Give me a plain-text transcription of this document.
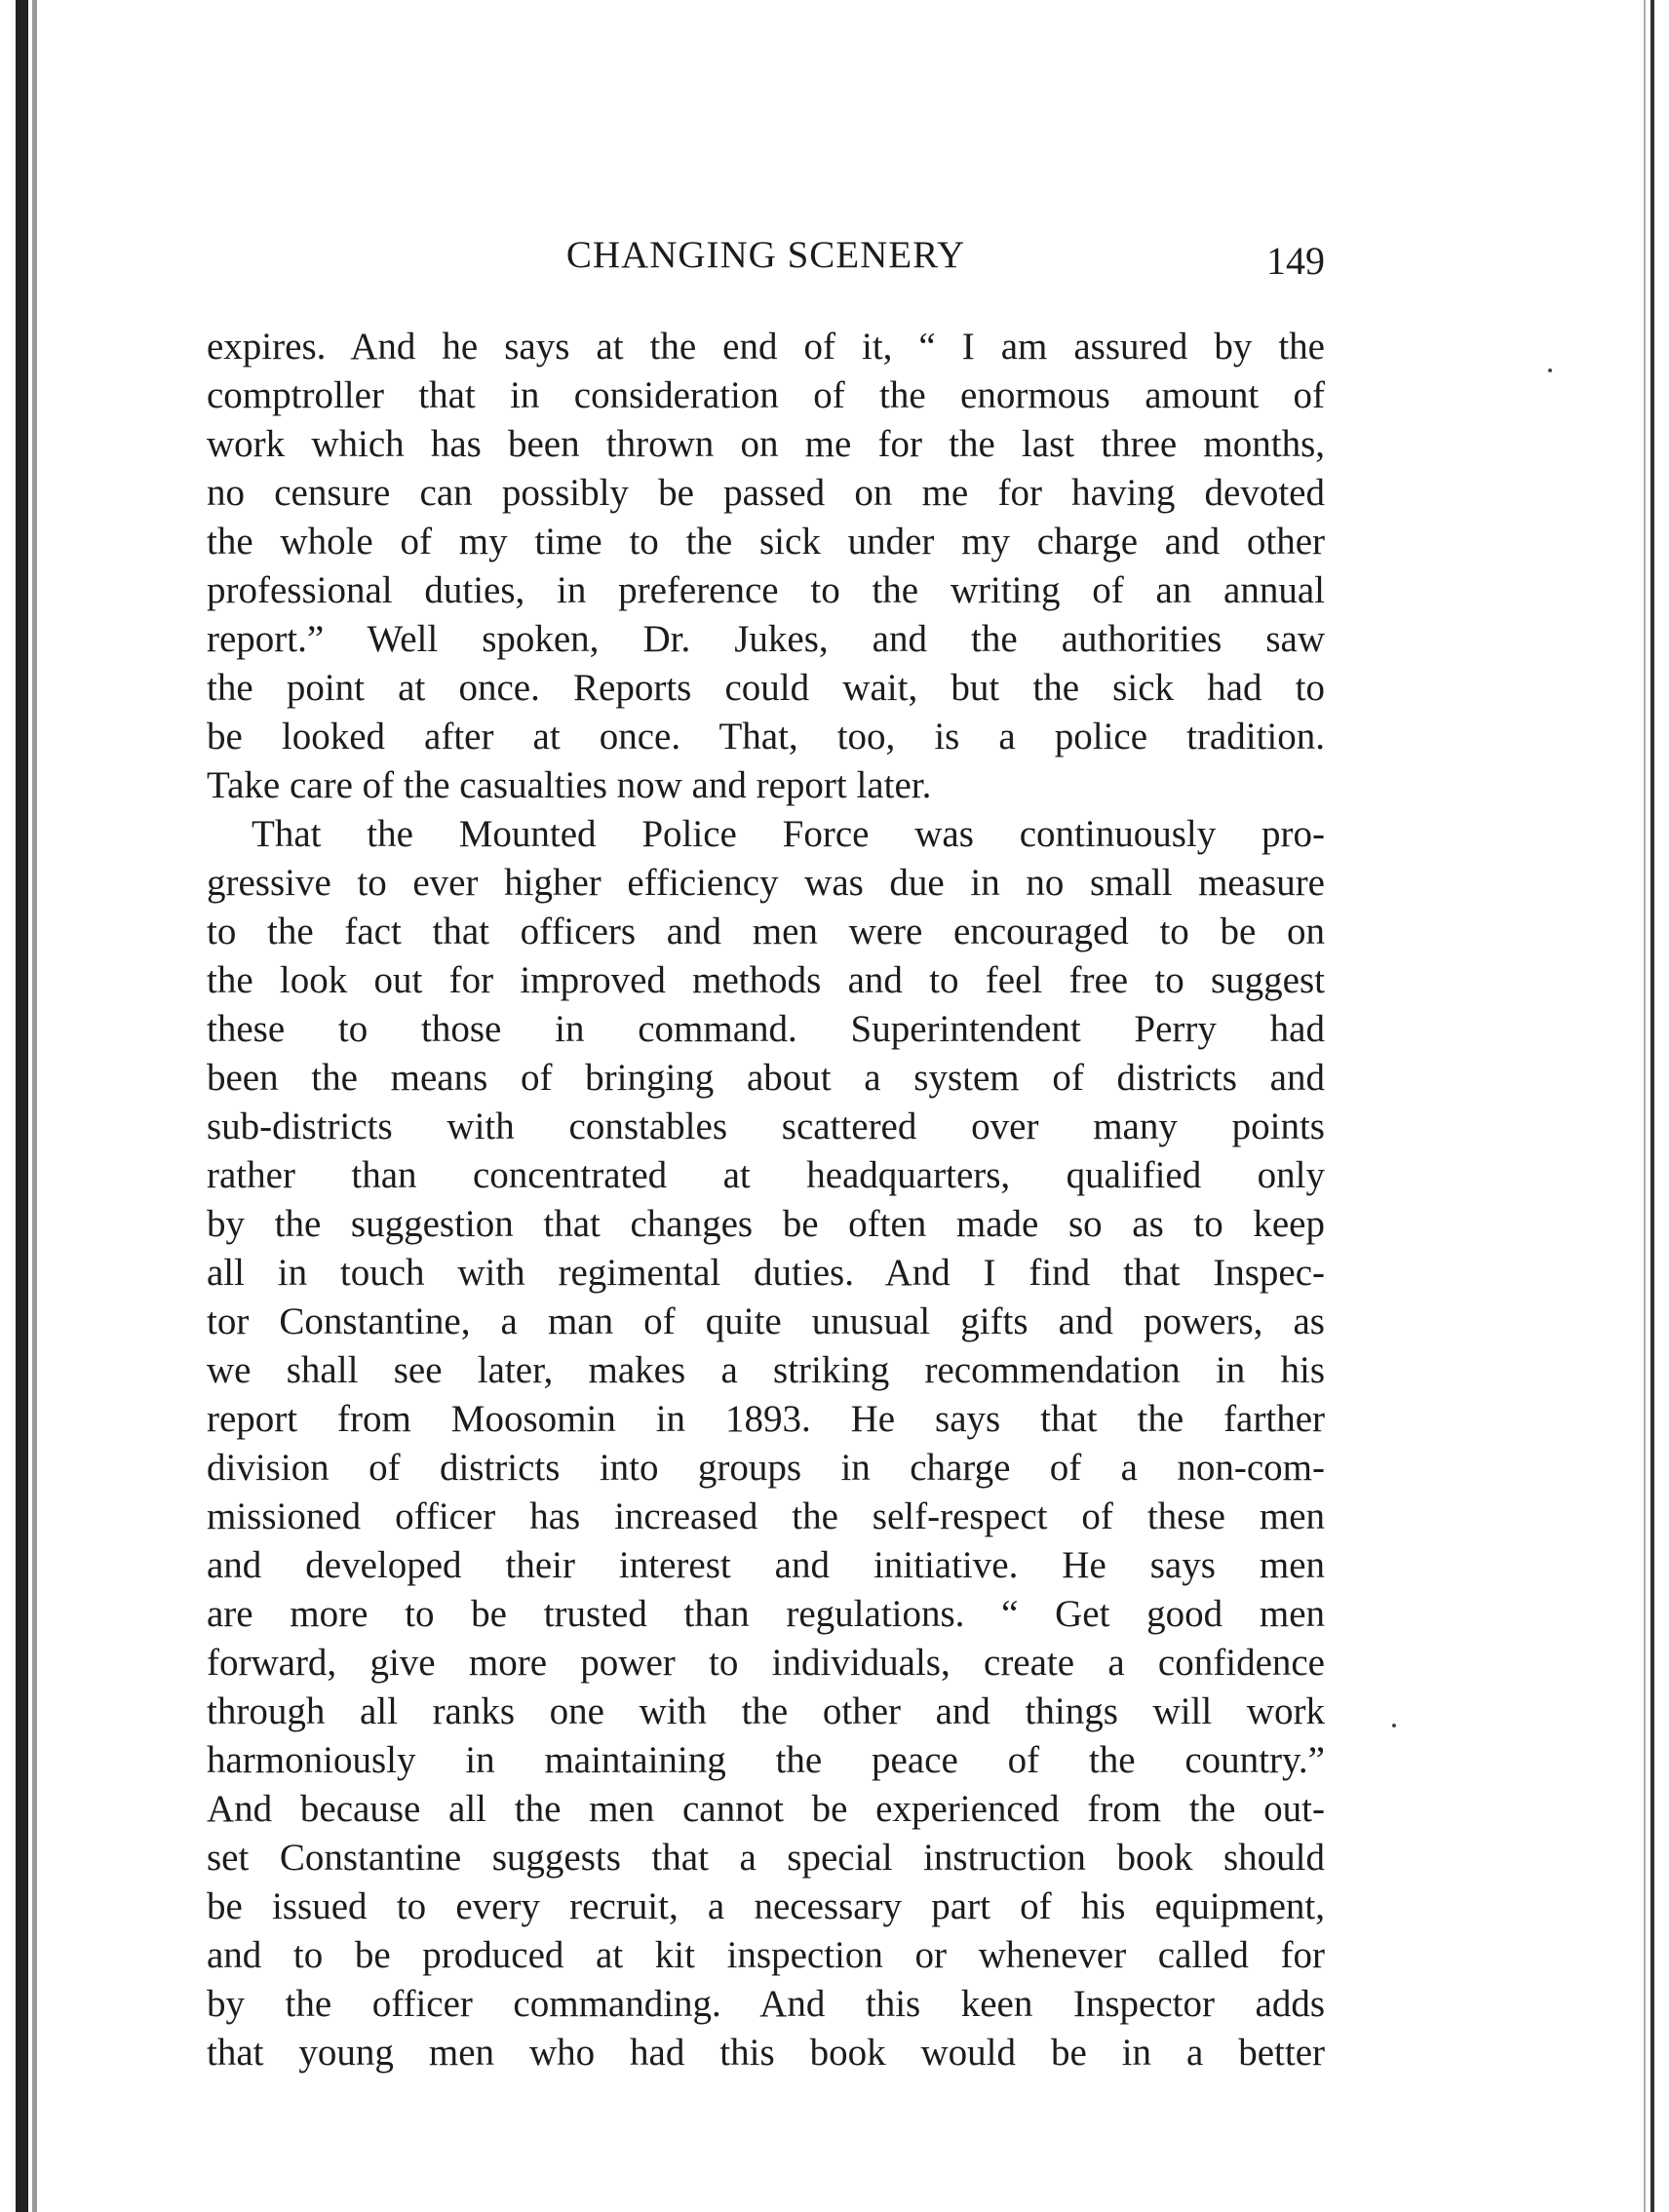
CHANGING SCENERY	149
expires. And he says at the end of it, “ I am assured by the
comptroller that in consideration of the enormous amount of
work which has been thrown on me for the last three months,
no censure can possibly be passed on me for having devoted
the whole of my time to the sick under my charge and other
professional duties, in preference to the writing of an annual
report.” Well spoken, Dr. Jukes, and the authorities saw
the point at once. Reports could wait, but the sick had to
be looked after at once. That, too, is a police tradition.
Take care of the casualties now and report later.
That the Mounted Police Force was continuously pro-
gressive to ever higher efficiency was due in no small measure
to the fact that officers and men were encouraged to be on
the look out for improved methods and to feel free to suggest
these to those in command. Superintendent Perry had
been the means of bringing about a system of districts and
sub-districts with constables scattered over many points
rather than concentrated at headquarters, qualified only
by the suggestion that changes be often made so as to keep
all in touch with regimental duties. And I find that Inspec-
tor Constantine, a man of quite unusual gifts and powers, as
we shall see later, makes a striking recommendation in his
report from Moosomin in 1893. He says that the farther
division of districts into groups in charge of a non-com-
missioned officer has increased the self-respect of these men
and developed their interest and initiative. He says men
are more to be trusted than regulations. “ Get good men
forward, give more power to individuals, create a confidence
through all ranks one with the other and things will work
harmoniously in maintaining the peace of the country.”
And because all the men cannot be experienced from the out-
set Constantine suggests that a special instruction book should
be issued to every recruit, a necessary part of his equipment,
and to be produced at kit inspection or whenever called for
by the officer commanding. And this keen Inspector adds
that young men who had this book would be in a better
